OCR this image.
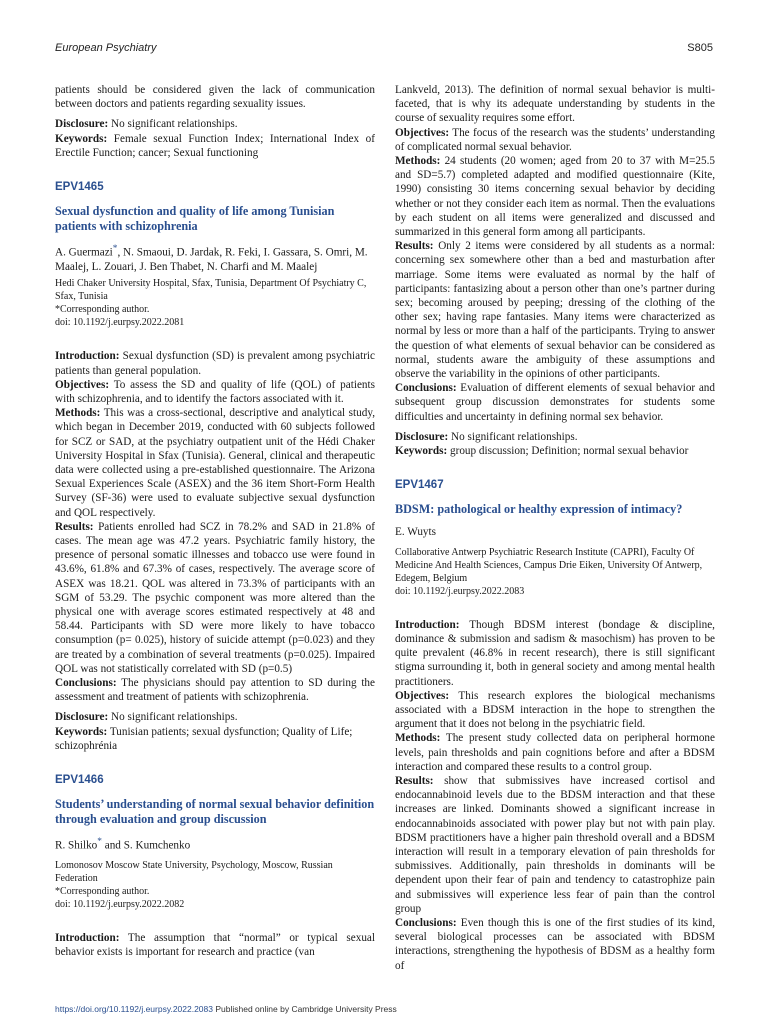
European Psychiatry	S805

patients should be considered given the lack of communication between doctors and patients regarding sexuality issues.

Disclosure: No significant relationships.

Keywords: Female sexual Function Index; International Index of Erectile Function; cancer; Sexual functioning

EPV1465

Sexual dysfunction and quality of life among Tunisian patients with schizophrenia

A. Guermazi*, N. Smaoui, D. Jardak, R. Feki, I. Gassara, S. Omri, M. Maalej, L. Zouari, J. Ben Thabet, N. Charfi and M. Maalej

Hedi Chaker University Hospital, Sfax, Tunisia, Department Of Psychiatry C, Sfax, Tunisia

*Corresponding author.

doi: 10.1192/j.eurpsy.2022.2081

Introduction: Sexual dysfunction (SD) is prevalent among psychiatric patients than general population.

Objectives: To assess the SD and quality of life (QOL) of patients with schizophrenia, and to identify the factors associated with it.

Methods: This was a cross-sectional, descriptive and analytical study, which began in December 2019, conducted with 60 subjects followed for SCZ or SAD, at the psychiatry outpatient unit of the Hédi Chaker University Hospital in Sfax (Tunisia). General, clinical and therapeutic data were collected using a pre-established questionnaire. The Arizona Sexual Experiences Scale (ASEX) and the 36 item Short-Form Health Survey (SF-36) were used to evaluate subjective sexual dysfunction and QOL respectively.

Results: Patients enrolled had SCZ in 78.2% and SAD in 21.8% of cases. The mean age was 47.2 years. Psychiatric family history, the presence of personal somatic illnesses and tobacco use were found in 43.6%, 61.8% and 67.3% of cases, respectively. The average score of ASEX was 18.21. QOL was altered in 73.3% of participants with an SGM of 53.29. The psychic component was more altered than the physical one with average scores estimated respectively at 48 and 58.44. Participants with SD were more likely to have tobacco consumption (p= 0.025), history of suicide attempt (p=0.023) and they are treated by a combination of several treatments (p=0.025). Impaired QOL was not statistically correlated with SD (p=0.5)

Conclusions: The physicians should pay attention to SD during the assessment and treatment of patients with schizophrenia.

Disclosure: No significant relationships.

Keywords: Tunisian patients; sexual dysfunction; Quality of Life; schizophrénia

EPV1466

Students’ understanding of normal sexual behavior definition through evaluation and group discussion

R. Shilko* and S. Kumchenko

Lomonosov Moscow State University, Psychology, Moscow, Russian Federation

*Corresponding author.

doi: 10.1192/j.eurpsy.2022.2082

Introduction: The assumption that “normal” or typical sexual behavior exists is important for research and practice (van

Lankveld, 2013). The definition of normal sexual behavior is multi-faceted, that is why its adequate understanding by students in the course of sexuality requires some effort.

Objectives: The focus of the research was the students’ understanding of complicated normal sexual behavior.

Methods: 24 students (20 women; aged from 20 to 37 with M=25.5 and SD=5.7) completed adapted and modified questionnaire (Kite, 1990) consisting 30 items concerning sexual behavior by deciding whether or not they consider each item as normal. Then the evaluations by each student on all items were generalized and discussed and summarized in this general form among all participants.

Results: Only 2 items were considered by all students as a normal: concerning sex somewhere other than a bed and masturbation after marriage. Some items were evaluated as normal by the half of participants: fantasizing about a person other than one’s partner during sex; becoming aroused by peeping; dressing of the clothing of the other sex; having rape fantasies. Many items were characterized as normal by less or more than a half of the participants. Trying to answer the question of what elements of sexual behavior can be considered as normal, students aware the ambiguity of these assumptions and observe the variability in the opinions of other participants.

Conclusions: Evaluation of different elements of sexual behavior and subsequent group discussion demonstrates for students some difficulties and uncertainty in defining normal sex behavior.

Disclosure: No significant relationships.

Keywords: group discussion; Definition; normal sexual behavior

EPV1467

BDSM: pathological or healthy expression of intimacy?

E. Wuyts

Collaborative Antwerp Psychiatric Research Institute (CAPRI), Faculty Of Medicine And Health Sciences, Campus Drie Eiken, University Of Antwerp, Edegem, Belgium

doi: 10.1192/j.eurpsy.2022.2083

Introduction: Though BDSM interest (bondage & discipline, dominance & submission and sadism & masochism) has proven to be quite prevalent (46.8% in recent research), there is still significant stigma surrounding it, both in general society and among mental health practitioners.

Objectives: This research explores the biological mechanisms associated with a BDSM interaction in the hope to strengthen the argument that it does not belong in the psychiatric field.

Methods: The present study collected data on peripheral hormone levels, pain thresholds and pain cognitions before and after a BDSM interaction and compared these results to a control group.

Results: show that submissives have increased cortisol and endocannabinoid levels due to the BDSM interaction and that these increases are linked. Dominants showed a significant increase in endocannabinoids associated with power play but not with pain play. BDSM practitioners have a higher pain threshold overall and a BDSM interaction will result in a temporary elevation of pain thresholds for submissives. Additionally, pain thresholds in dominants will be dependent upon their fear of pain and tendency to catastrophize pain and submissives will experience less fear of pain than the control group

Conclusions: Even though this is one of the first studies of its kind, several biological processes can be associated with BDSM interactions, strengthening the hypothesis of BDSM as a healthy form of

https://doi.org/10.1192/j.eurpsy.2022.2083 Published online by Cambridge University Press
